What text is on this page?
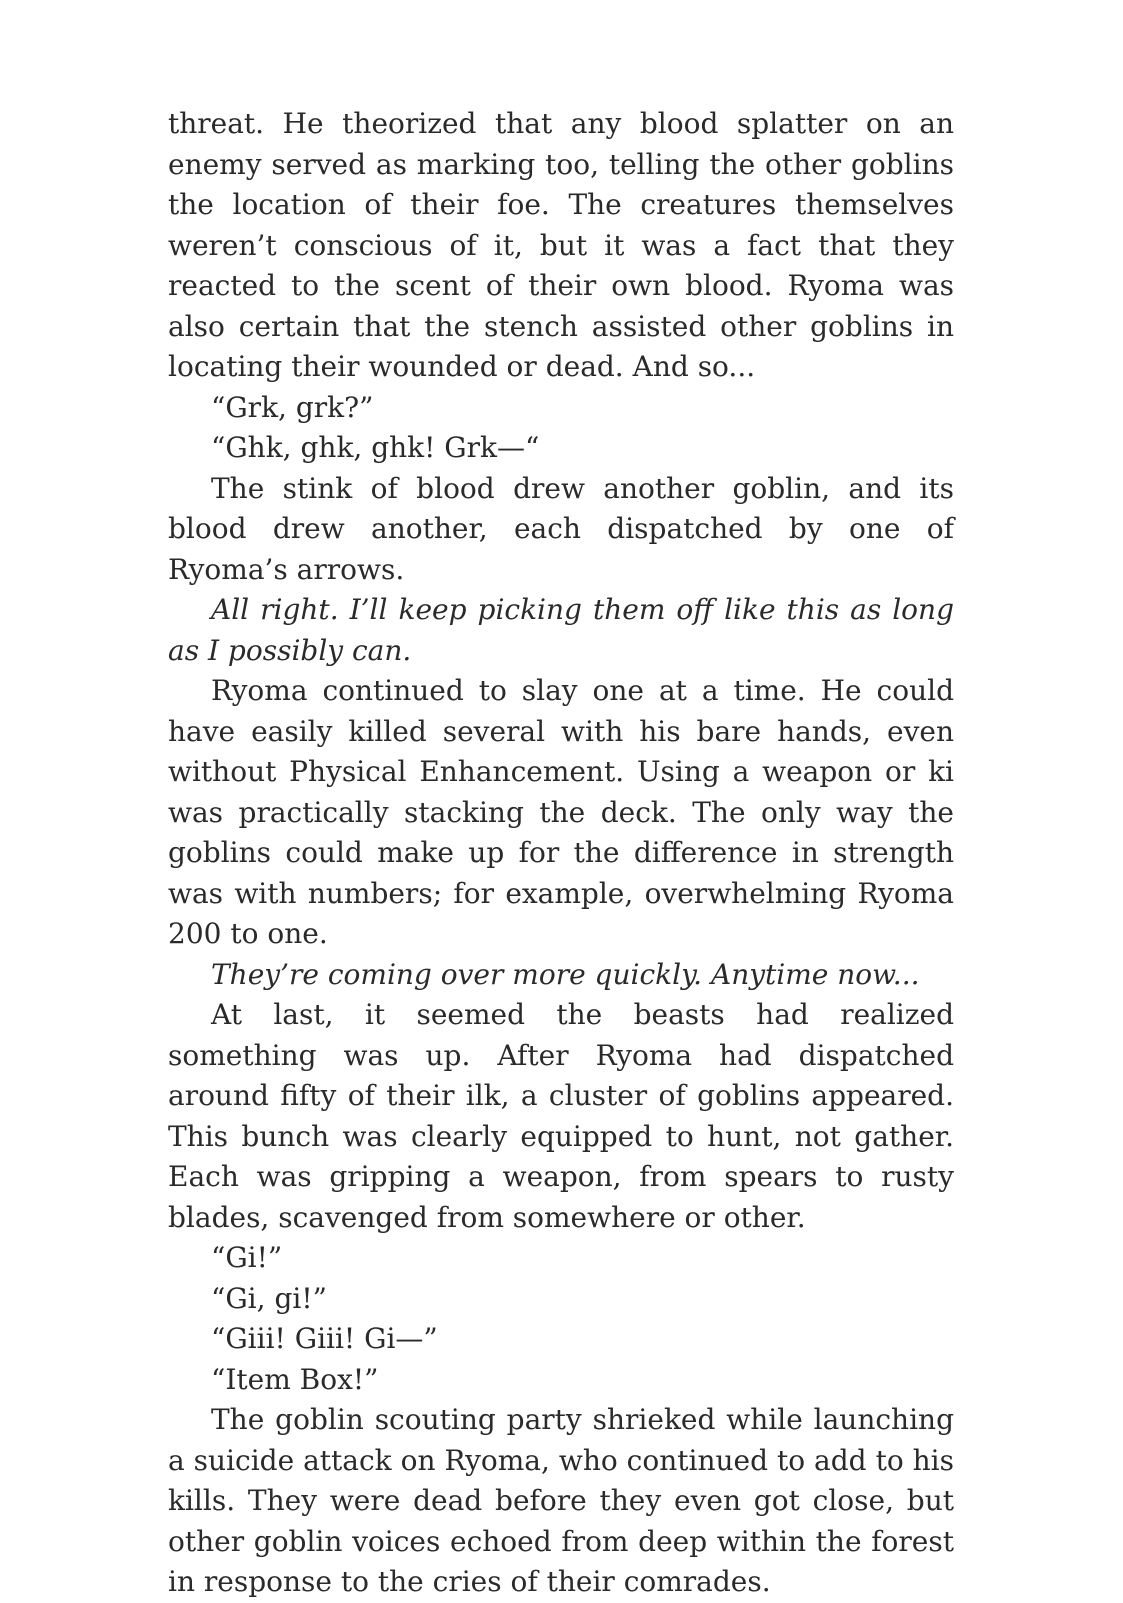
threat. He theorized that any blood splatter on an enemy served as marking too, telling the other goblins the location of their foe. The creatures themselves weren’t conscious of it, but it was a fact that they reacted to the scent of their own blood. Ryoma was also certain that the stench assisted other goblins in locating their wounded or dead. And so...

“Grk, grk?”

“Ghk, ghk, ghk! Grk—“

The stink of blood drew another goblin, and its blood drew another, each dispatched by one of Ryoma’s arrows.

All right. I’ll keep picking them off like this as long as I possibly can.

Ryoma continued to slay one at a time. He could have easily killed several with his bare hands, even without Physical Enhancement. Using a weapon or ki was practically stacking the deck. The only way the goblins could make up for the difference in strength was with numbers; for example, overwhelming Ryoma 200 to one.

They’re coming over more quickly. Anytime now...

At last, it seemed the beasts had realized something was up. After Ryoma had dispatched around fifty of their ilk, a cluster of goblins appeared. This bunch was clearly equipped to hunt, not gather. Each was gripping a weapon, from spears to rusty blades, scavenged from somewhere or other.

“Gi!”

“Gi, gi!”

“Giii! Giii! Gi—”

“Item Box!”

The goblin scouting party shrieked while launching a suicide attack on Ryoma, who continued to add to his kills. They were dead before they even got close, but other goblin voices echoed from deep within the forest in response to the cries of their comrades.
